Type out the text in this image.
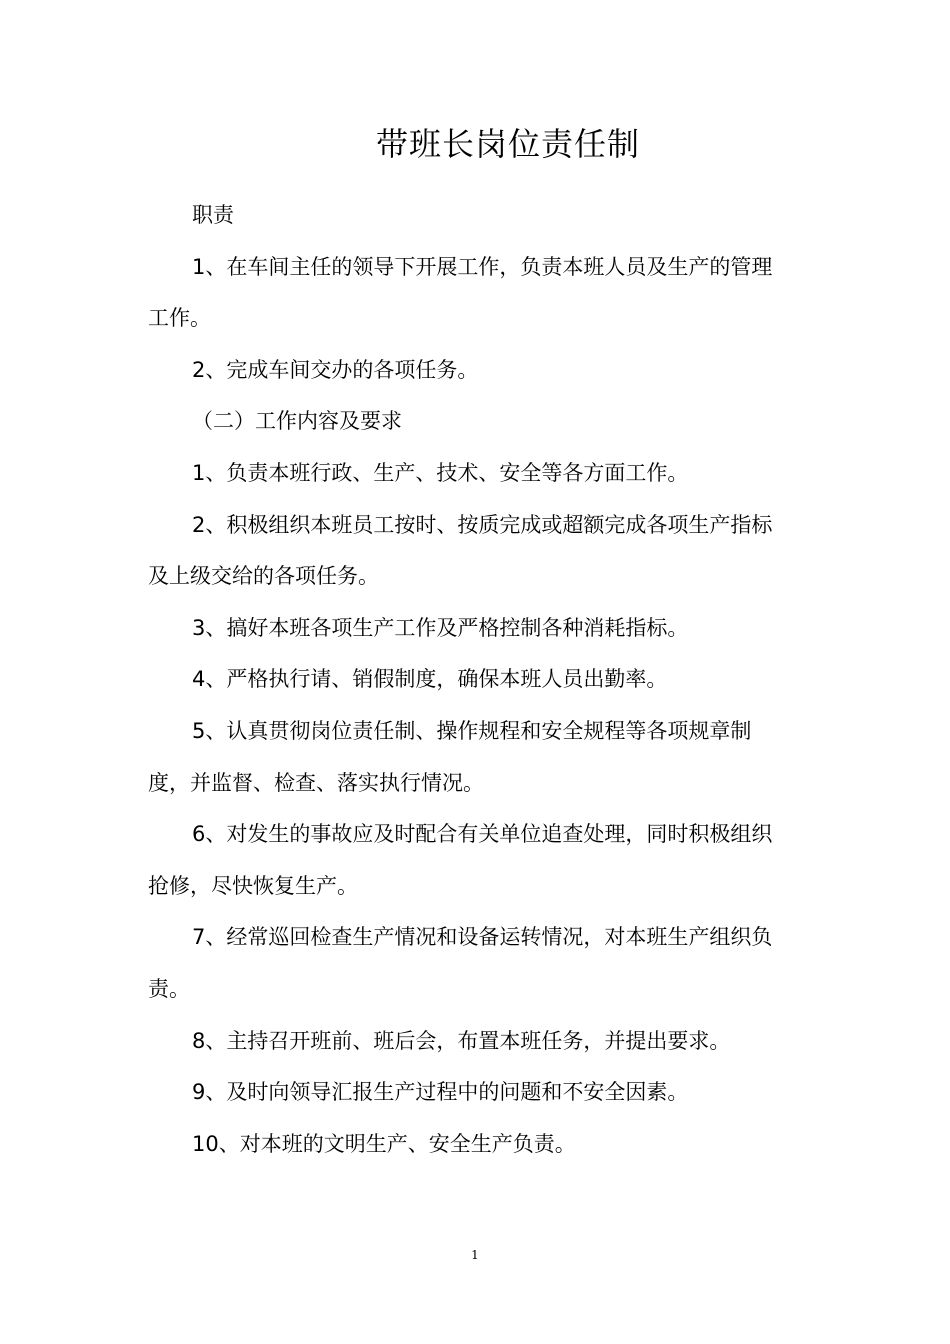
带班长岗位责任制

职责

1、在车间主任的领导下开展工作，负责本班人员及生产的管理工作。

2、完成车间交办的各项任务。

（二）工作内容及要求

1、负责本班行政、生产、技术、安全等各方面工作。

2、积极组织本班员工按时、按质完成或超额完成各项生产指标及上级交给的各项任务。

3、搞好本班各项生产工作及严格控制各种消耗指标。

4、严格执行请、销假制度，确保本班人员出勤率。

5、认真贯彻岗位责任制、操作规程和安全规程等各项规章制度，并监督、检查、落实执行情况。

6、对发生的事故应及时配合有关单位追查处理，同时积极组织抢修，尽快恢复生产。

7、经常巡回检查生产情况和设备运转情况，对本班生产组织负责。

8、主持召开班前、班后会，布置本班任务，并提出要求。

9、及时向领导汇报生产过程中的问题和不安全因素。

10、对本班的文明生产、安全生产负责。

1
